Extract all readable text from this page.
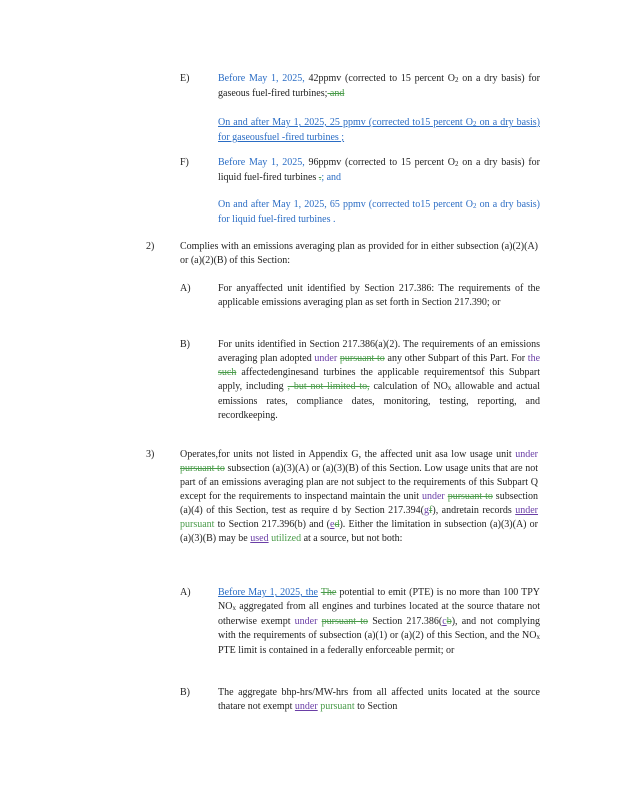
E)	Before May 1, 2025, 42ppmv (corrected to 15 percent O2 on a dry basis) for gaseous fuel-fired turbines; and
On and after May 1, 2025, 25 ppmv (corrected to15 percent O2 on a dry basis) for gaseousfuel -fired turbines ;
F)	Before May 1, 2025, 96ppmv (corrected to 15 percent O2 on a dry basis) for liquid fuel-fired turbines .; and
On and after May 1, 2025, 65 ppmv (corrected to15 percent O2 on a dry basis) for liquid fuel-fired turbines .
2)	Complies with an emissions averaging plan as provided for in either subsection (a)(2)(A) or (a)(2)(B) of this Section:
A)	For anyaffected unit identified by Section 217.386: The requirements of the applicable emissions averaging plan as set forth in Section 217.390; or
B)	For units identified in Section 217.386(a)(2). The requirements of an emissions averaging plan adopted under pursuant to any other Subpart of this Part. For the such affectedenginesand turbines the applicable requirementsof this Subpart apply, including , but not limited to, calculation of NOx allowable and actual emissions rates, compliance dates, monitoring, testing, reporting, and recordkeeping.
3)	Operates,for units not listed in Appendix G, the affected unit asa low usage unit under pursuant to subsection (a)(3)(A) or (a)(3)(B) of this Section. Low usage units that are not part of an emissions averaging plan are not subject to the requirements of this Subpart Q except for the requirements to inspectand maintain the unit under pursuant to subsection (a)(4) of this Section, test as require d by Section 217.394(gf), andretain records under pursuant to Section 217.396(b) and (ed). Either the limitation in subsection (a)(3)(A) or (a)(3)(B) may be used utilized at a source, but not both:
A)	Before May 1, 2025, the The potential to emit (PTE) is no more than 100 TPY NOx aggregated from all engines and turbines located at the source thatare not otherwise exempt under pursuant to Section 217.386(cb), and not complying with the requirements of subsection (a)(1) or (a)(2) of this Section, and the NOx PTE limit is contained in a federally enforceable permit; or
B)	The aggregate bhp-hrs/MW-hrs from all affected units located at the source thatare not exempt under pursuant to Section
